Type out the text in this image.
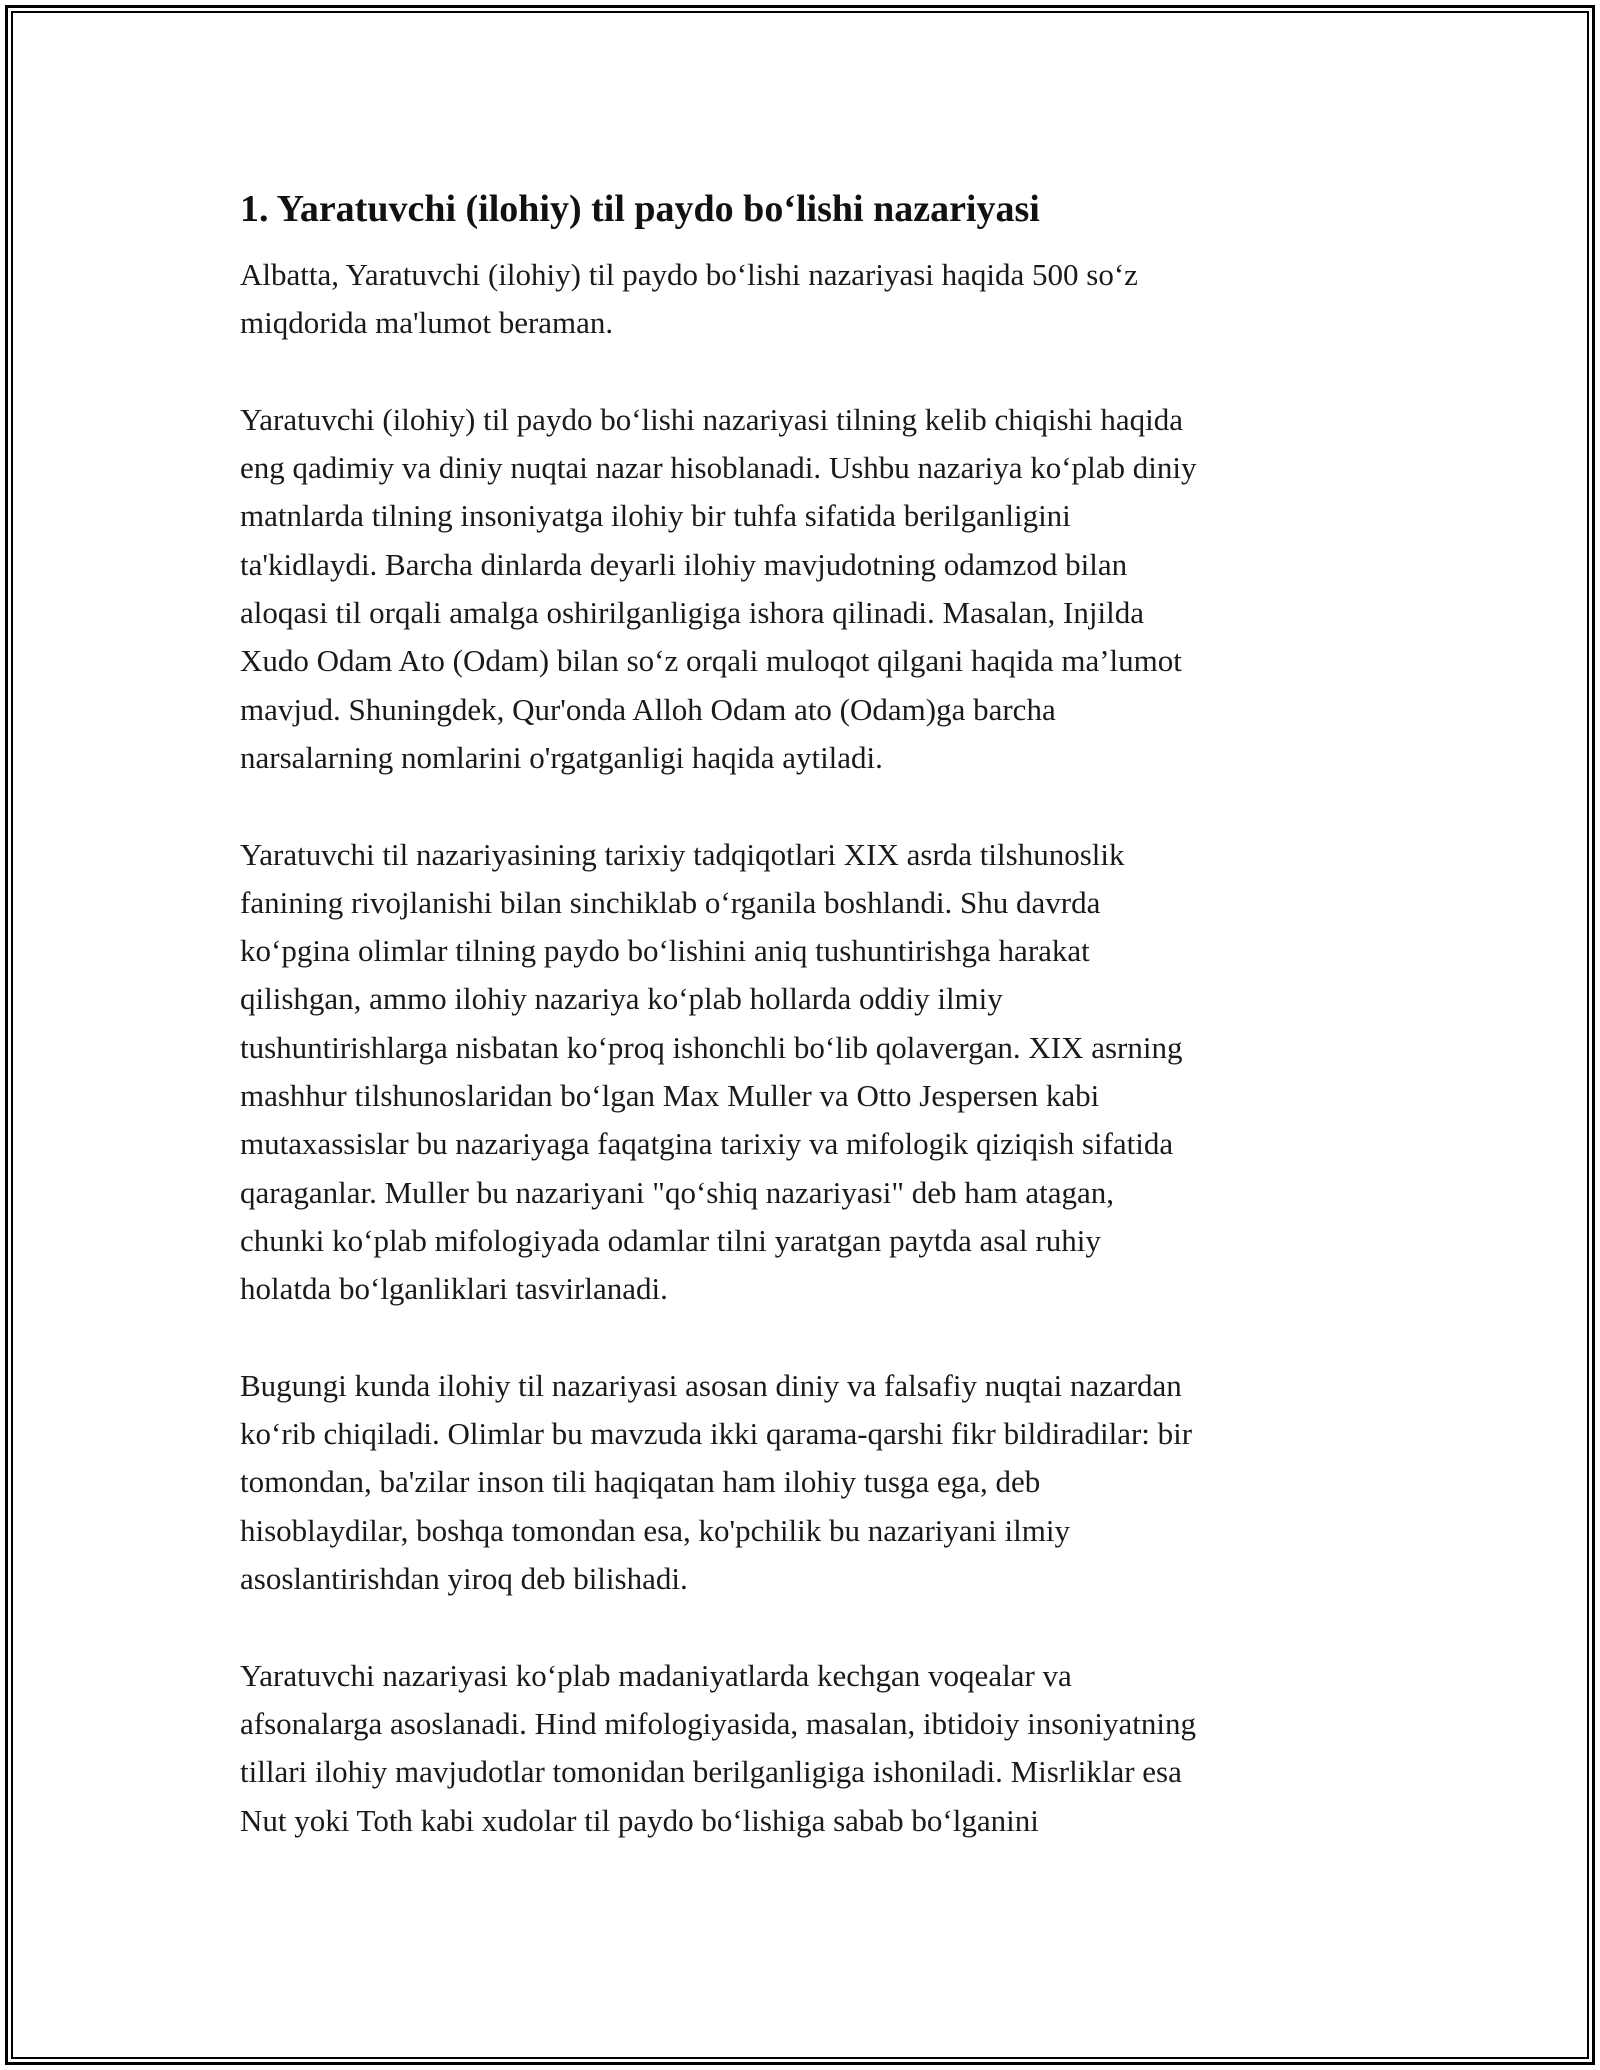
1. Yaratuvchi (ilohiy) til paydo boʻlishi nazariyasi

Albatta, Yaratuvchi (ilohiy) til paydo boʻlishi nazariyasi haqida 500 soʻz
miqdorida ma'lumot beraman.

Yaratuvchi (ilohiy) til paydo boʻlishi nazariyasi tilning kelib chiqishi haqida
eng qadimiy va diniy nuqtai nazar hisoblanadi. Ushbu nazariya koʻplab diniy
matnlarda tilning insoniyatga ilohiy bir tuhfa sifatida berilganligini
ta'kidlaydi. Barcha dinlarda deyarli ilohiy mavjudotning odamzod bilan
aloqasi til orqali amalga oshirilganligiga ishora qilinadi. Masalan, Injilda
Xudo Odam Ato (Odam) bilan soʻz orqali muloqot qilgani haqida ma’lumot
mavjud. Shuningdek, Qur'onda Alloh Odam ato (Odam)ga barcha
narsalarning nomlarini o'rgatganligi haqida aytiladi.

Yaratuvchi til nazariyasining tarixiy tadqiqotlari XIX asrda tilshunoslik
fanining rivojlanishi bilan sinchiklab oʻrganila boshlandi. Shu davrda
koʻpgina olimlar tilning paydo boʻlishini aniq tushuntirishga harakat
qilishgan, ammo ilohiy nazariya koʻplab hollarda oddiy ilmiy
tushuntirishlarga nisbatan koʻproq ishonchli boʻlib qolavergan. XIX asrning
mashhur tilshunoslaridan boʻlgan Max Muller va Otto Jespersen kabi
mutaxassislar bu nazariyaga faqatgina tarixiy va mifologik qiziqish sifatida
qaraganlar. Muller bu nazariyani "qoʻshiq nazariyasi" deb ham atagan,
chunki koʻplab mifologiyada odamlar tilni yaratgan paytda asal ruhiy
holatda boʻlganliklari tasvirlanadi.

Bugungi kunda ilohiy til nazariyasi asosan diniy va falsafiy nuqtai nazardan
koʻrib chiqiladi. Olimlar bu mavzuda ikki qarama-qarshi fikr bildiradilar: bir
tomondan, ba'zilar inson tili haqiqatan ham ilohiy tusga ega, deb
hisoblaydilar, boshqa tomondan esa, ko'pchilik bu nazariyani ilmiy
asoslantirishdan yiroq deb bilishadi.

Yaratuvchi nazariyasi koʻplab madaniyatlarda kechgan voqealar va
afsonalarga asoslanadi. Hind mifologiyasida, masalan, ibtidoiy insoniyatning
tillari ilohiy mavjudotlar tomonidan berilganligiga ishoniladi. Misrliklar esa
Nut yoki Toth kabi xudolar til paydo boʻlishiga sabab boʻlganini
